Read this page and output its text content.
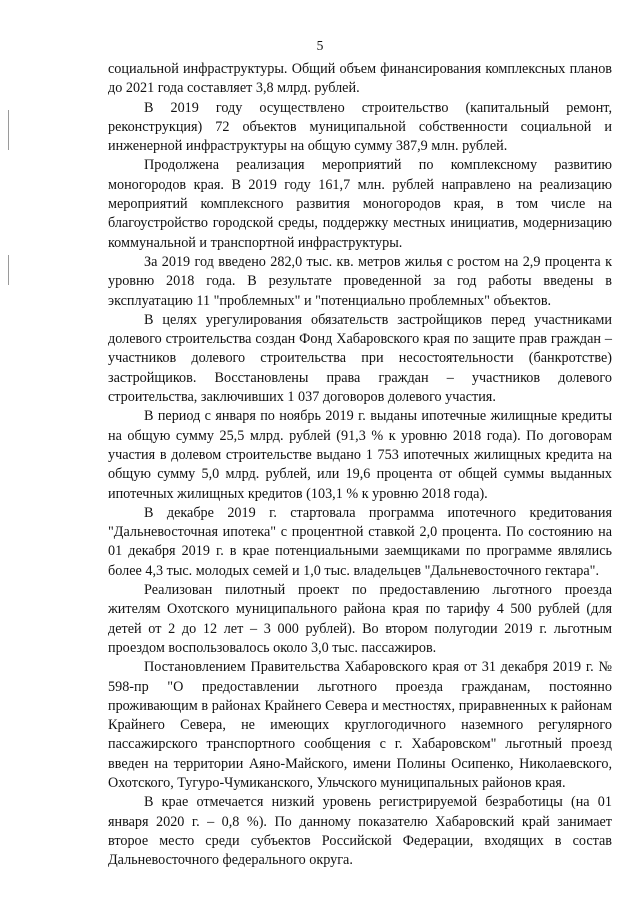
5

социальной инфраструктуры. Общий объем финансирования комплексных планов до 2021 года составляет 3,8 млрд. рублей.

В 2019 году осуществлено строительство (капитальный ремонт, реконструкция) 72 объектов муниципальной собственности социальной и инженерной инфраструктуры на общую сумму 387,9 млн. рублей.

Продолжена реализация мероприятий по комплексному развитию моногородов края. В 2019 году 161,7 млн. рублей направлено на реализацию мероприятий комплексного развития моногородов края, в том числе на благоустройство городской среды, поддержку местных инициатив, модернизацию коммунальной и транспортной инфраструктуры.

За 2019 год введено 282,0 тыс. кв. метров жилья с ростом на 2,9 процента к уровню 2018 года. В результате проведенной за год работы введены в эксплуатацию 11 "проблемных" и "потенциально проблемных" объектов.

В целях урегулирования обязательств застройщиков перед участниками долевого строительства создан Фонд Хабаровского края по защите прав граждан – участников долевого строительства при несостоятельности (банкротстве) застройщиков. Восстановлены права граждан – участников долевого строительства, заключивших 1 037 договоров долевого участия.

В период с января по ноябрь 2019 г. выданы ипотечные жилищные кредиты на общую сумму 25,5 млрд. рублей (91,3 % к уровню 2018 года). По договорам участия в долевом строительстве выдано 1 753 ипотечных жилищных кредита на общую сумму 5,0 млрд. рублей, или 19,6 процента от общей суммы выданных ипотечных жилищных кредитов (103,1 % к уровню 2018 года).

В декабре 2019 г. стартовала программа ипотечного кредитования "Дальневосточная ипотека" с процентной ставкой 2,0 процента. По состоянию на 01 декабря 2019 г. в крае потенциальными заемщиками по программе являлись более 4,3 тыс. молодых семей и 1,0 тыс. владельцев "Дальневосточного гектара".

Реализован пилотный проект по предоставлению льготного проезда жителям Охотского муниципального района края по тарифу 4 500 рублей (для детей от 2 до 12 лет – 3 000 рублей). Во втором полугодии 2019 г. льготным проездом воспользовалось около 3,0 тыс. пассажиров.

Постановлением Правительства Хабаровского края от 31 декабря 2019 г. № 598-пр "О предоставлении льготного проезда гражданам, постоянно проживающим в районах Крайнего Севера и местностях, приравненных к районам Крайнего Севера, не имеющих круглогодичного наземного регулярного пассажирского транспортного сообщения с г. Хабаровском" льготный проезд введен на территории Аяно-Майского, имени Полины Осипенко, Николаевского, Охотского, Тугуро-Чумиканского, Ульчского муниципальных районов края.

В крае отмечается низкий уровень регистрируемой безработицы (на 01 января 2020 г. – 0,8 %). По данному показателю Хабаровский край занимает второе место среди субъектов Российской Федерации, входящих в состав Дальневосточного федерального округа.
